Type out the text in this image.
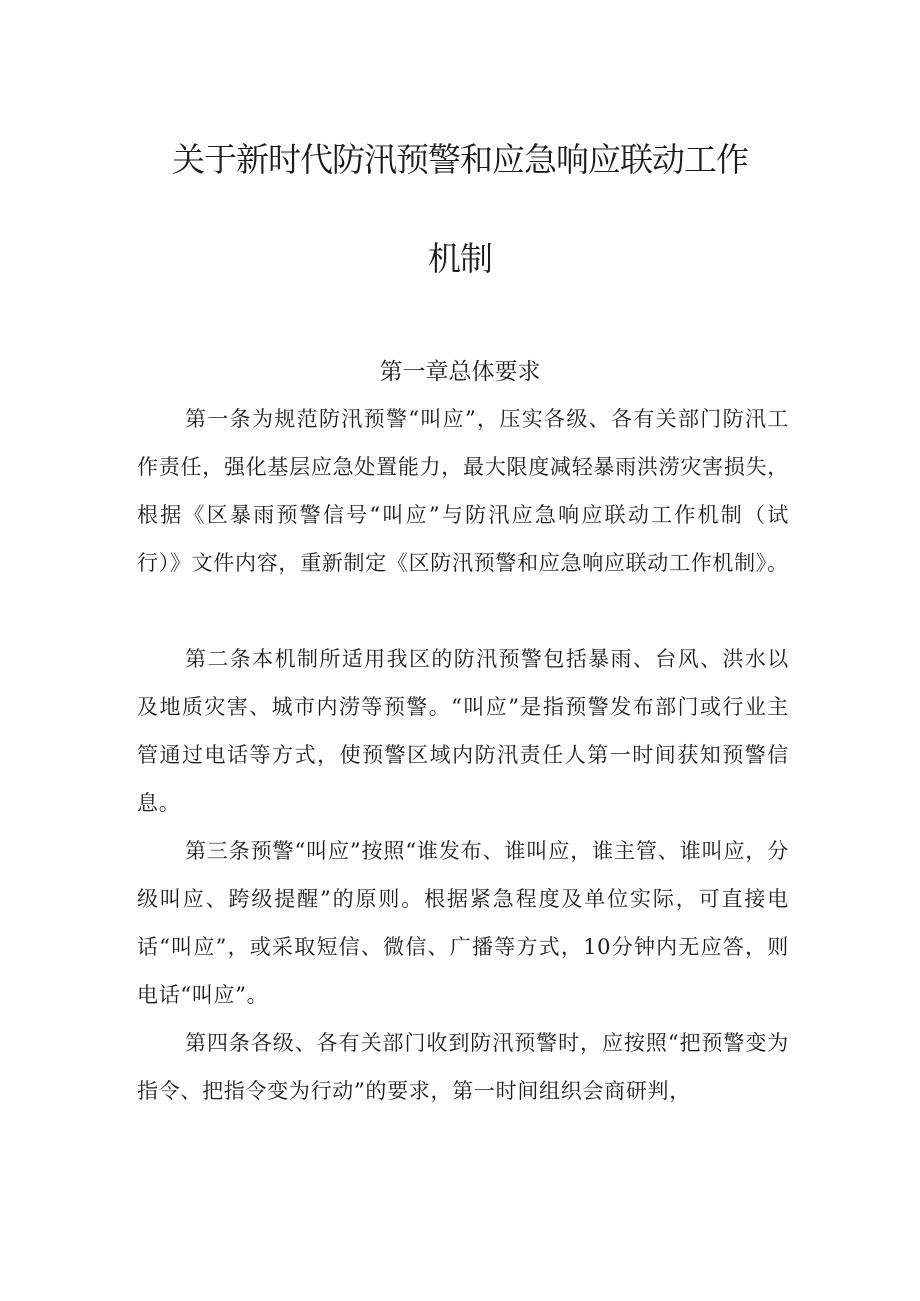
关于新时代防汛预警和应急响应联动工作
机制
第一章总体要求

第一条为规范防汛预警“叫应”，压实各级、各有关部门防汛工作责任，强化基层应急处置能力，最大限度减轻暴雨洪涝灾害损失，根据《区暴雨预警信号“叫应”与防汛应急响应联动工作机制（试行）》文件内容，重新制定《区防汛预警和应急响应联动工作机制》。

第二条本机制所适用我区的防汛预警包括暴雨、台风、洪水以及地质灾害、城市内涝等预警。“叫应”是指预警发布部门或行业主管通过电话等方式，使预警区域内防汛责任人第一时间获知预警信息。

第三条预警“叫应”按照“谁发布、谁叫应，谁主管、谁叫应，分级叫应、跨级提醒”的原则。根据紧急程度及单位实际，可直接电话“叫应”，或采取短信、微信、广播等方式，10分钟内无应答，则电话“叫应”。

第四条各级、各有关部门收到防汛预警时，应按照“把预警变为指令、把指令变为行动”的要求，第一时间组织会商研判，
